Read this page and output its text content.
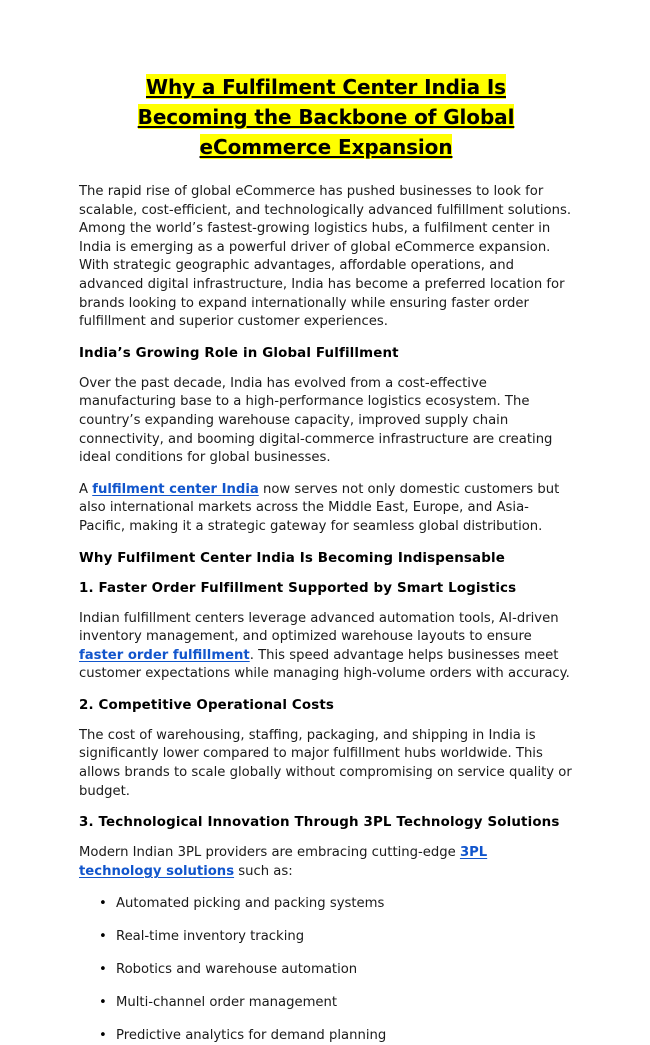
Why a Fulfilment Center India Is
Becoming the Backbone of Global
eCommerce Expansion

The rapid rise of global eCommerce has pushed businesses to look for scalable, cost-efficient, and technologically advanced fulfillment solutions. Among the world’s fastest-growing logistics hubs, a fulfilment center in India is emerging as a powerful driver of global eCommerce expansion. With strategic geographic advantages, affordable operations, and advanced digital infrastructure, India has become a preferred location for brands looking to expand internationally while ensuring faster order fulfillment and superior customer experiences.

India’s Growing Role in Global Fulfillment

Over the past decade, India has evolved from a cost-effective manufacturing base to a high-performance logistics ecosystem. The country’s expanding warehouse capacity, improved supply chain connectivity, and booming digital-commerce infrastructure are creating ideal conditions for global businesses.

A fulfilment center India now serves not only domestic customers but also international markets across the Middle East, Europe, and Asia-Pacific, making it a strategic gateway for seamless global distribution.

Why Fulfilment Center India Is Becoming Indispensable
1. Faster Order Fulfillment Supported by Smart Logistics

Indian fulfillment centers leverage advanced automation tools, AI-driven inventory management, and optimized warehouse layouts to ensure faster order fulfillment. This speed advantage helps businesses meet customer expectations while managing high-volume orders with accuracy.

2. Competitive Operational Costs

The cost of warehousing, staffing, packaging, and shipping in India is significantly lower compared to major fulfillment hubs worldwide. This allows brands to scale globally without compromising on service quality or budget.

3. Technological Innovation Through 3PL Technology Solutions

Modern Indian 3PL providers are embracing cutting-edge 3PL technology solutions such as:

• Automated picking and packing systems
• Real-time inventory tracking
• Robotics and warehouse automation
• Multi-channel order management
• Predictive analytics for demand planning
